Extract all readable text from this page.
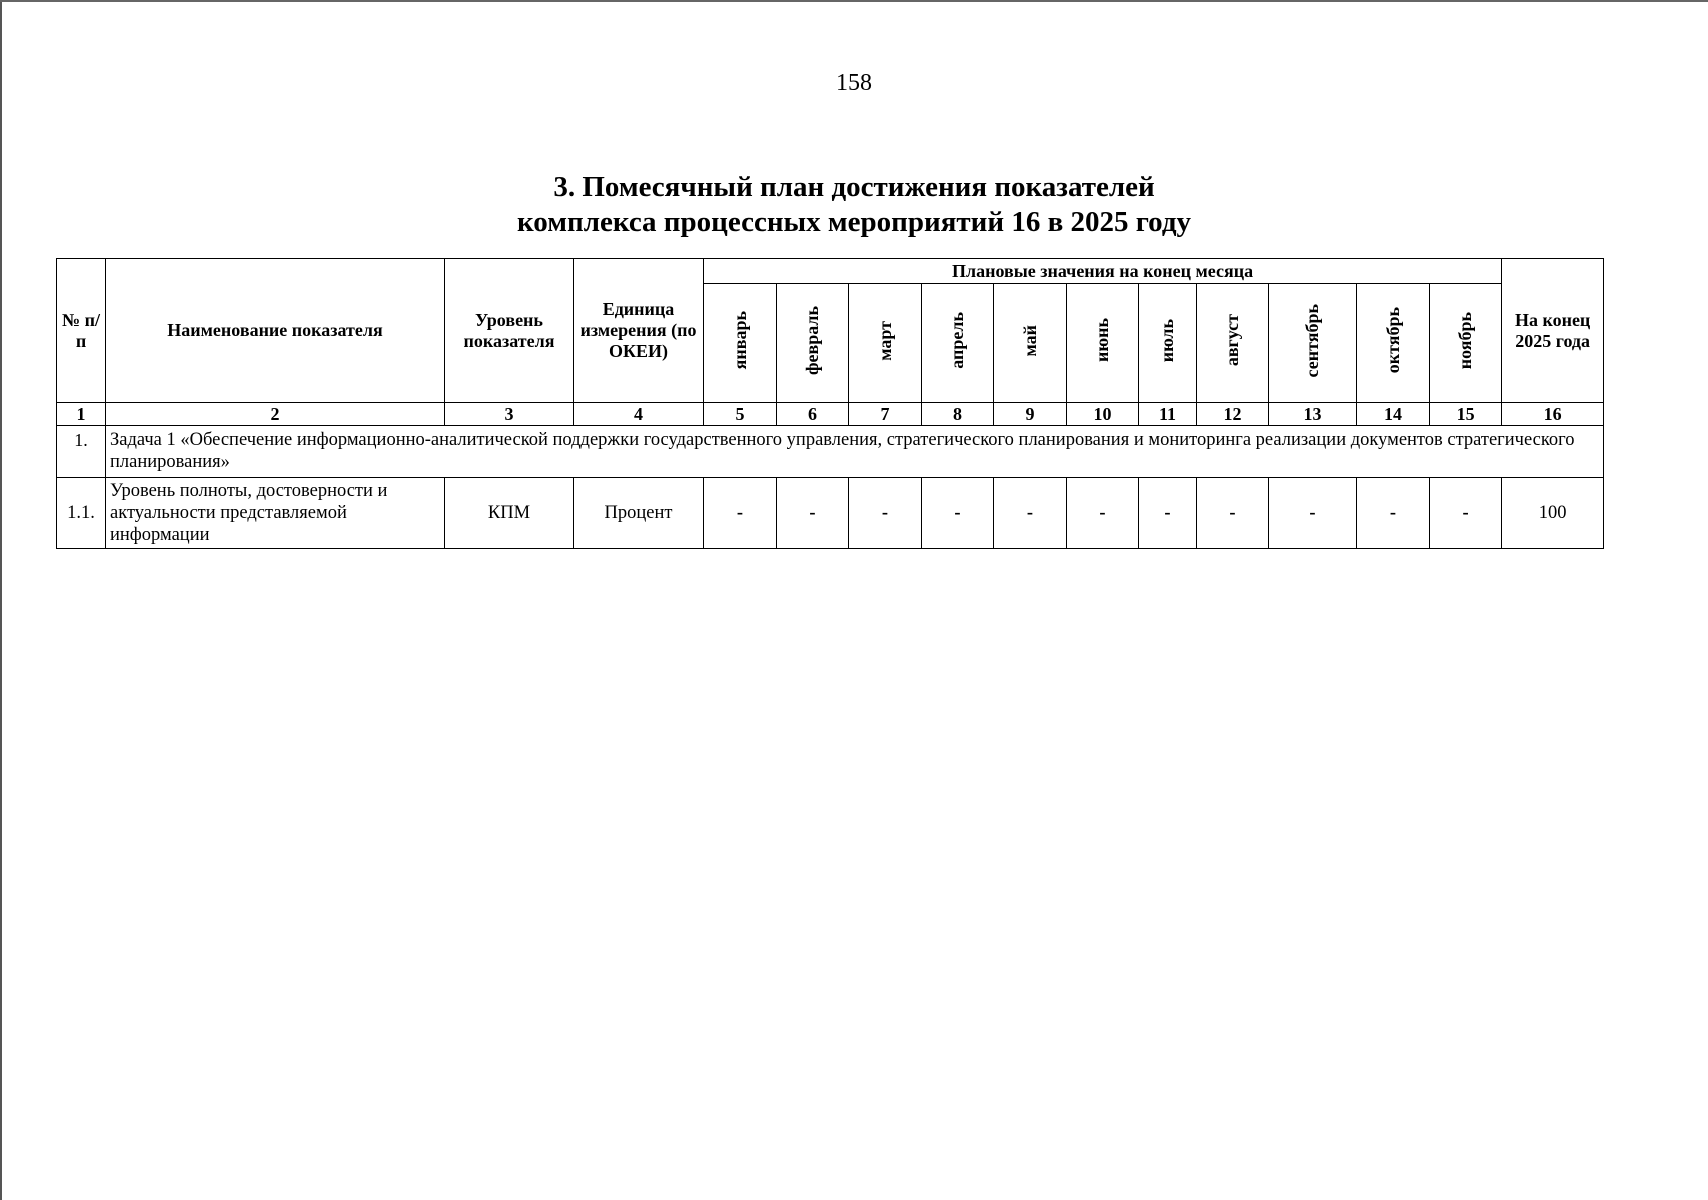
158
3. Помесячный план достижения показателей
комплекса процессных мероприятий 16 в 2025 году
№ п/п	Наименование показателя	Уровень показателя	Единица измерения (по ОКЕИ)	Плановые значения на конец месяца											На конец 2025 года

				январь	февраль	март	апрель	май	июнь	июль	август	сентябрь	октябрь	ноябрь	
1	2	3	4	5	6	7	8	9	10	11	12	13	14	15	16
1.	Задача 1 «Обеспечение информационно-аналитической поддержки государственного управления, стратегического планирования и мониторинга реализации документов стратегического планирования»														
1.1.	Уровень полноты, достоверности и актуальности представляемой информации	КПМ	Процент	-	-	-	-	-	-	-	-	-	-	-	100
